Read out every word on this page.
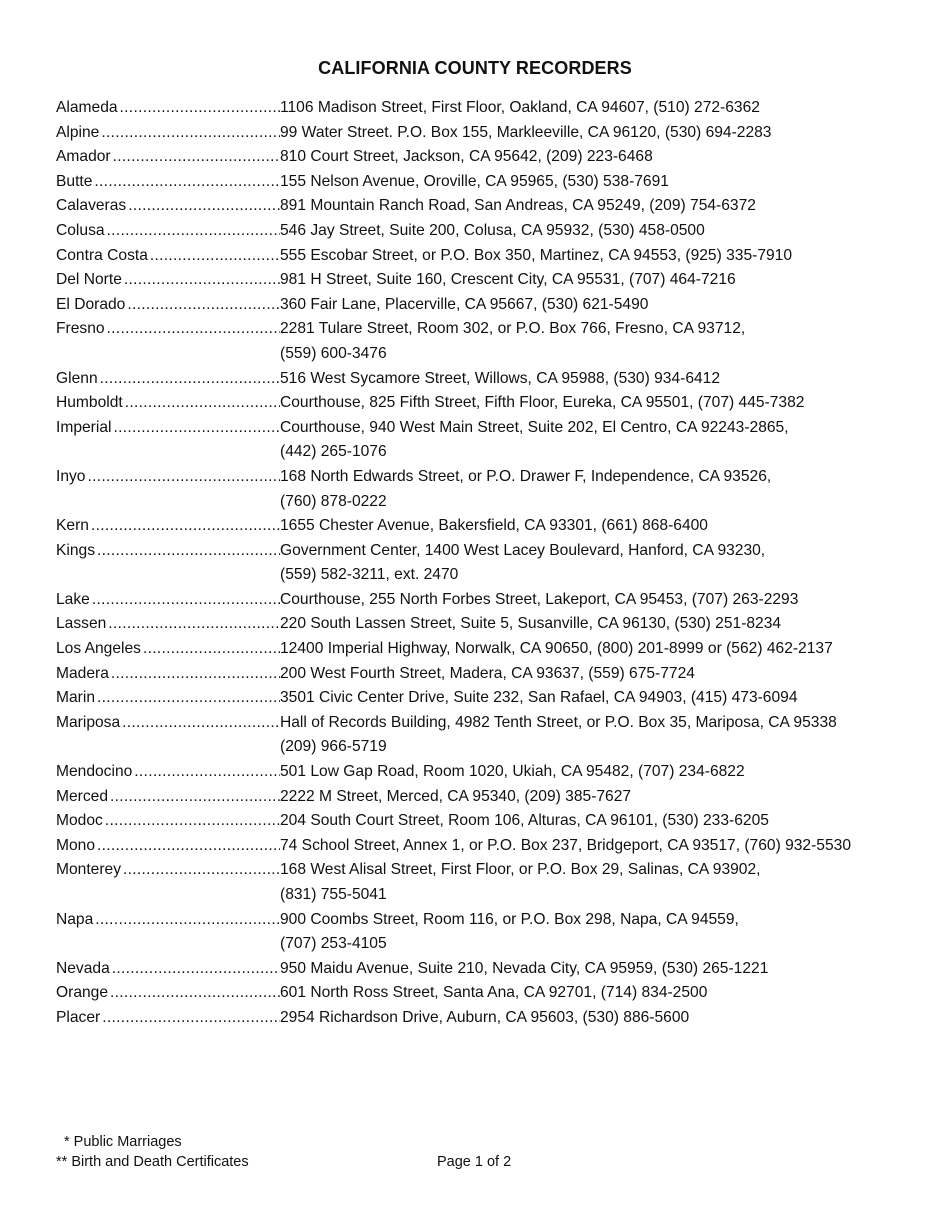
CALIFORNIA COUNTY RECORDERS
Alameda .....	1106 Madison Street, First Floor, Oakland, CA 94607, (510) 272-6362
Alpine .....	99 Water Street. P.O. Box 155, Markleeville, CA 96120, (530) 694-2283
Amador .....	810 Court Street, Jackson, CA 95642, (209) 223-6468
Butte .....	155 Nelson Avenue, Oroville, CA 95965, (530) 538-7691
Calaveras .....	891 Mountain Ranch Road, San Andreas, CA 95249, (209) 754-6372
Colusa .....	546 Jay Street, Suite 200, Colusa, CA 95932, (530) 458-0500
Contra Costa .....	555 Escobar Street, or P.O. Box 350, Martinez, CA 94553, (925) 335-7910
Del Norte .....	981 H Street, Suite 160, Crescent City, CA 95531, (707) 464-7216
El Dorado .....	360 Fair Lane, Placerville, CA 95667, (530) 621-5490
Fresno .....	2281 Tulare Street, Room 302, or P.O. Box 766, Fresno, CA 93712,
(559) 600-3476
Glenn .....	516 West Sycamore Street, Willows, CA 95988, (530) 934-6412
Humboldt .....	Courthouse, 825 Fifth Street, Fifth Floor, Eureka, CA 95501, (707) 445-7382
Imperial .....	Courthouse, 940 West Main Street, Suite 202, El Centro, CA 92243-2865,
(442) 265-1076
Inyo .....	168 North Edwards Street, or P.O. Drawer F, Independence, CA 93526,
(760) 878-0222
Kern .....	1655 Chester Avenue, Bakersfield, CA 93301, (661) 868-6400
Kings .....	Government Center, 1400 West Lacey Boulevard, Hanford, CA 93230,
(559) 582-3211, ext. 2470
Lake .....	Courthouse, 255 North Forbes Street, Lakeport, CA 95453, (707) 263-2293
Lassen .....	220 South Lassen Street, Suite 5, Susanville, CA 96130, (530) 251-8234
Los Angeles .....	12400 Imperial Highway, Norwalk, CA 90650, (800) 201-8999 or (562) 462-2137
Madera .....	200 West Fourth Street, Madera, CA 93637, (559) 675-7724
Marin .....	3501 Civic Center Drive, Suite 232, San Rafael, CA 94903, (415) 473-6094
Mariposa .....	Hall of Records Building, 4982 Tenth Street, or P.O. Box 35, Mariposa, CA 95338
(209) 966-5719
Mendocino .....	501 Low Gap Road, Room 1020, Ukiah, CA 95482, (707) 234-6822
Merced .....	2222 M Street, Merced, CA 95340, (209) 385-7627
Modoc .....	204 South Court Street, Room 106, Alturas, CA 96101, (530) 233-6205
Mono .....	74 School Street, Annex 1, or P.O. Box 237, Bridgeport, CA 93517, (760) 932-5530
Monterey .....	168 West Alisal Street, First Floor, or P.O. Box 29, Salinas, CA 93902,
(831) 755-5041
Napa .....	900 Coombs Street, Room 116, or P.O. Box 298, Napa, CA 94559,
(707) 253-4105
Nevada .....	950 Maidu Avenue, Suite 210, Nevada City, CA 95959, (530) 265-1221
Orange .....	601 North Ross Street, Santa Ana, CA 92701, (714) 834-2500
Placer .....	2954 Richardson Drive, Auburn, CA 95603, (530) 886-5600
* Public Marriages
** Birth and Death Certificates	Page 1 of 2
